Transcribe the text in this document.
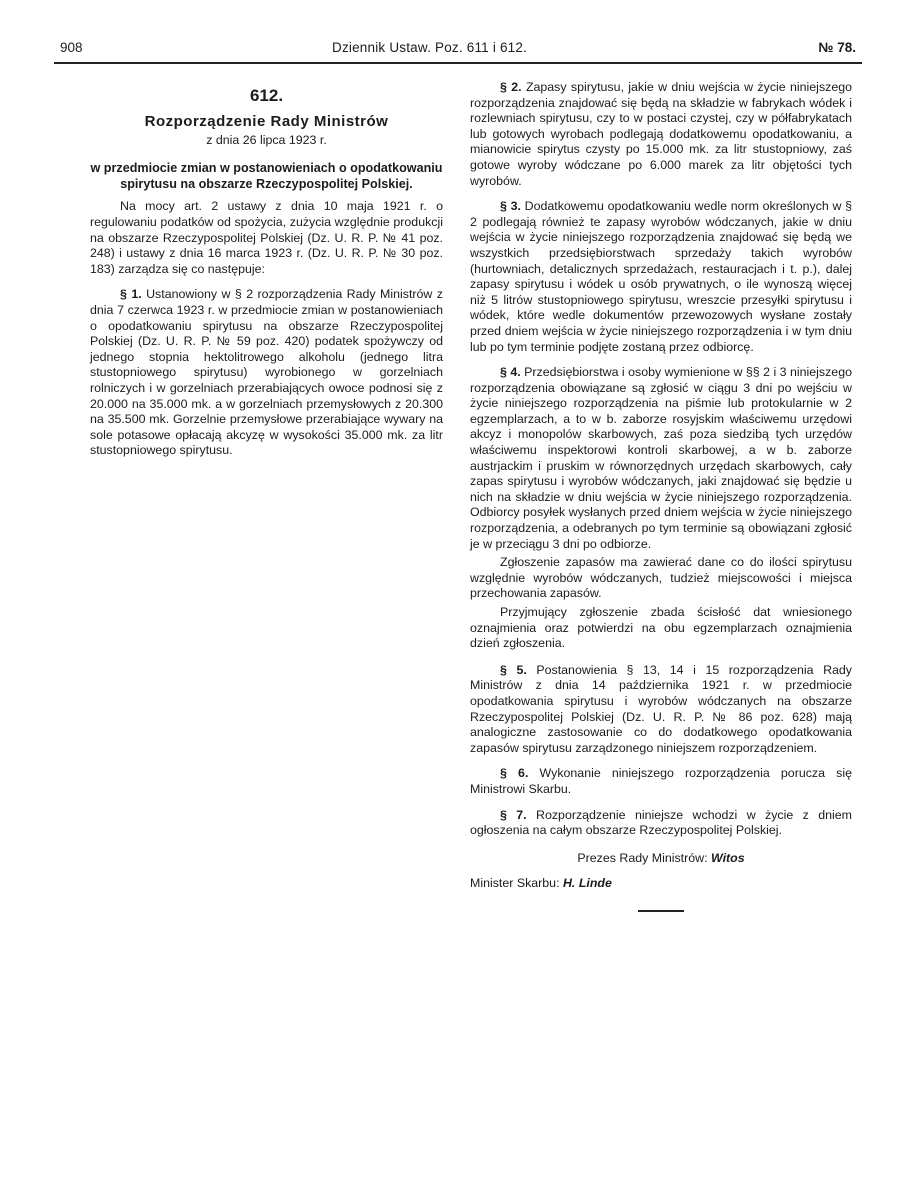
908	Dziennik Ustaw. Poz. 611 i 612.	№ 78.
612.
Rozporządzenie Rady Ministrów
z dnia 26 lipca 1923 r.
w przedmiocie zmian w postanowieniach o opodatkowaniu spirytusu na obszarze Rzeczypospolitej Polskiej.

Na mocy art. 2 ustawy z dnia 10 maja 1921 r. o regulowaniu podatków od spożycia, zużycia względnie produkcji na obszarze Rzeczypospolitej Polskiej (Dz. U. R. P. № 41 poz. 248) i ustawy z dnia 16 marca 1923 r. (Dz. U. R. P. № 30 poz. 183) zarządza się co następuje:

§ 1. Ustanowiony w § 2 rozporządzenia Rady Ministrów z dnia 7 czerwca 1923 r. w przedmiocie zmian w postanowieniach o opodatkowaniu spirytusu na obszarze Rzeczypospolitej Polskiej (Dz. U. R. P. № 59 poz. 420) podatek spożywczy od jednego stopnia hektolitrowego alkoholu (jednego litra stustopniowego spirytusu) wyrobionego w gorzelniach rolniczych i w gorzelniach przerabiających owoce podnosi się z 20.000 na 35.000 mk. a w gorzelniach przemysłowych z 20.300 na 35.500 mk. Gorzelnie przemysłowe przerabiające wywary na sole potasowe opłacają akcyzę w wysokości 35.000 mk. za litr stustopniowego spirytusu.

§ 2. Zapasy spirytusu, jakie w dniu wejścia w życie niniejszego rozporządzenia znajdować się będą na składzie w fabrykach wódek i rozlewniach spirytusu, czy to w postaci czystej, czy w półfabrykatach lub gotowych wyrobach podlegają dodatkowemu opodatkowaniu, a mianowicie spirytus czysty po 15.000 mk. za litr stustopniowy, zaś gotowe wyroby wódczane po 6.000 marek za litr objętości tych wyrobów.

§ 3. Dodatkowemu opodatkowaniu wedle norm określonych w § 2 podlegają również te zapasy wyrobów wódczanych, jakie w dniu wejścia w życie niniejszego rozporządzenia znajdować się będą we wszystkich przedsiębiorstwach sprzedaży takich wyrobów (hurtowniach, detalicznych sprzedażach, restauracjach i t. p.), dalej zapasy spirytusu i wódek u osób prywatnych, o ile wynoszą więcej niż 5 litrów stustopniowego spirytusu, wreszcie przesyłki spirytusu i wódek, które wedle dokumentów przewozowych wysłane zostały przed dniem wejścia w życie niniejszego rozporządzenia i w tym dniu lub po tym terminie podjęte zostaną przez odbiorcę.

§ 4. Przedsiębiorstwa i osoby wymienione w §§ 2 i 3 niniejszego rozporządzenia obowiązane są zgłosić w ciągu 3 dni po wejściu w życie niniejszego rozporządzenia na piśmie lub protokularnie w 2 egzemplarzach, a to w b. zaborze rosyjskim właściwemu urzędowi akcyz i monopolów skarbowych, zaś poza siedzibą tych urzędów właściwemu inspektorowi kontroli skarbowej, a w b. zaborze austrjackim i pruskim w równorzędnych urzędach skarbowych, cały zapas spirytusu i wyrobów wódczanych, jaki znajdować się będzie u nich na składzie w dniu wejścia w życie niniejszego rozporządzenia. Odbiorcy posyłek wysłanych przed dniem wejścia w życie niniejszego rozporządzenia, a odebranych po tym terminie są obowiązani zgłosić je w przeciągu 3 dni po odbiorze.

Zgłoszenie zapasów ma zawierać dane co do ilości spirytusu względnie wyrobów wódczanych, tudzież miejscowości i miejsca przechowania zapasów.

Przyjmujący zgłoszenie zbada ścisłość dat wniesionego oznajmienia oraz potwierdzi na obu egzemplarzach oznajmienia dzień zgłoszenia.

§ 5. Postanowienia § 13, 14 i 15 rozporządzenia Rady Ministrów z dnia 14 października 1921 r. w przedmiocie opodatkowania spirytusu i wyrobów wódczanych na obszarze Rzeczypospolitej Polskiej (Dz. U. R. P. № 86 poz. 628) mają analogiczne zastosowanie co do dodatkowego opodatkowania zapasów spirytusu zarządzonego niniejszem rozporządzeniem.

§ 6. Wykonanie niniejszego rozporządzenia porucza się Ministrowi Skarbu.

§ 7. Rozporządzenie niniejsze wchodzi w życie z dniem ogłoszenia na całym obszarze Rzeczypospolitej Polskiej.

Prezes Rady Ministrów: Witos
Minister Skarbu: H. Linde
